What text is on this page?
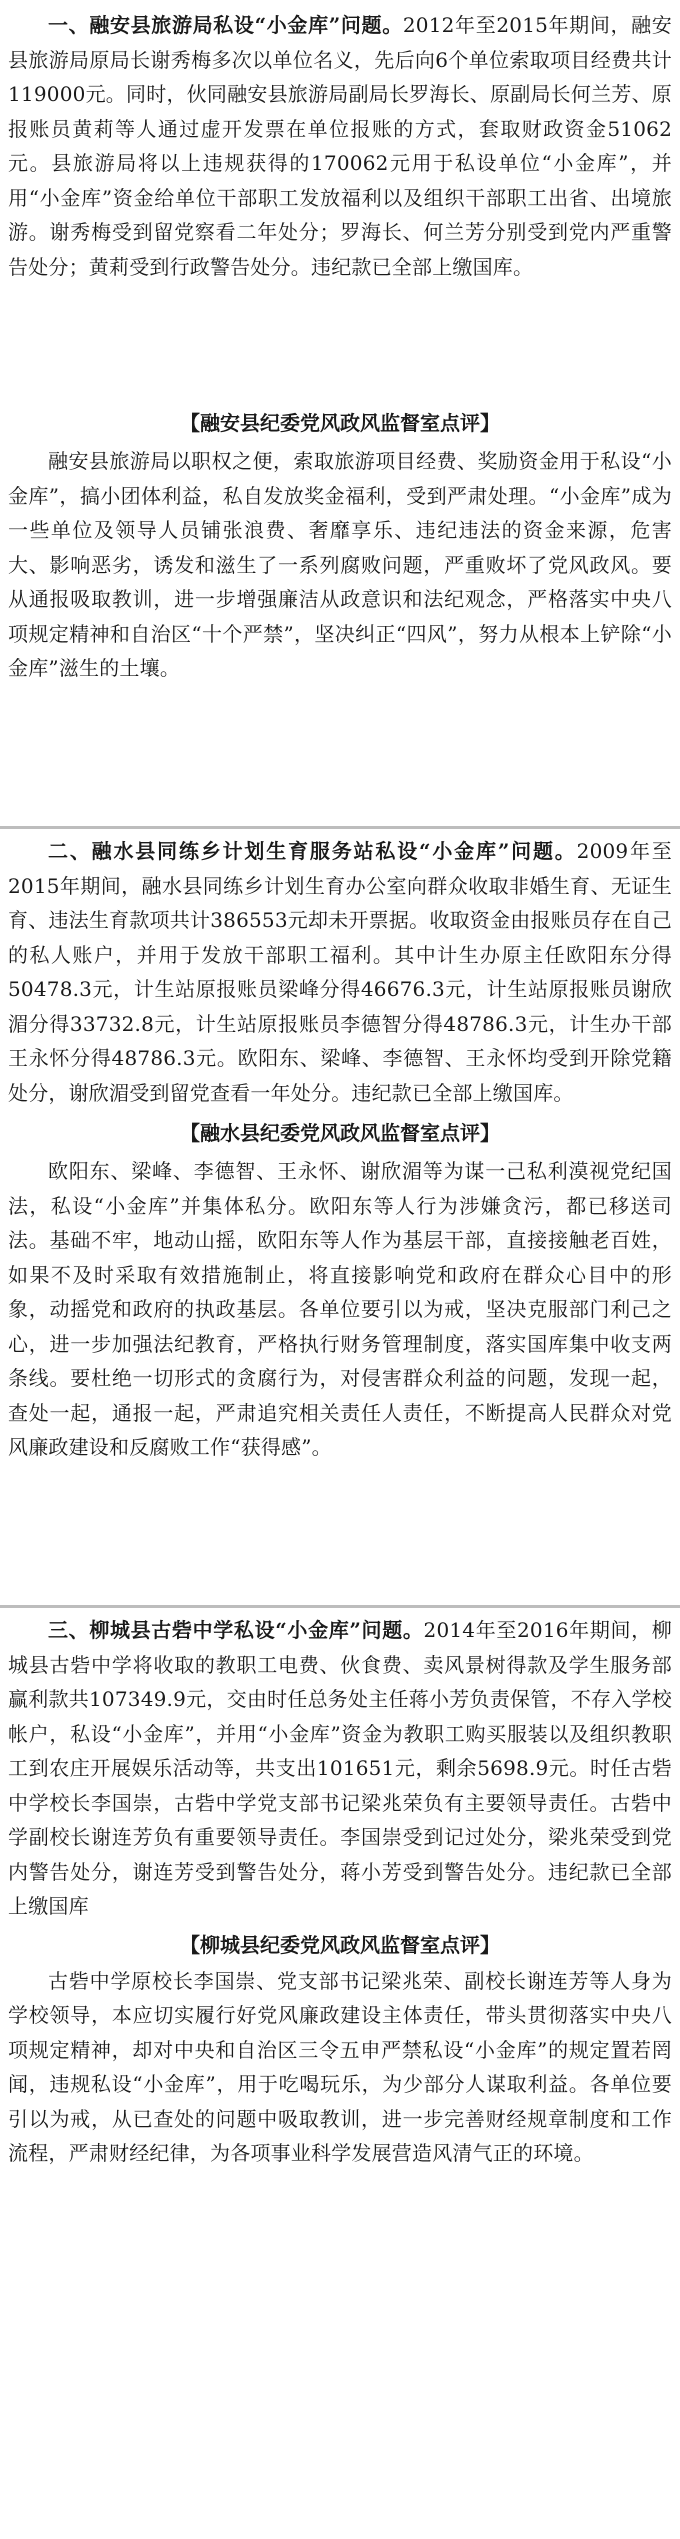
一、融安县旅游局私设“小金库”问题。2012年至2015年期间，融安县旅游局原局长谢秀梅多次以单位名义，先后向6个单位索取项目经费共计119000元。同时，伙同融安县旅游局副局长罗海长、原副局长何兰芳、原报账员黄莉等人通过虚开发票在单位报账的方式，套取财政资金51062元。县旅游局将以上违规获得的170062元用于私设单位“小金库”，并用“小金库”资金给单位干部职工发放福利以及组织干部职工出省、出境旅游。谢秀梅受到留党察看二年处分；罗海长、何兰芳分别受到党内严重警告处分；黄莉受到行政警告处分。违纪款已全部上缴国库。

【融安县纪委党风政风监督室点评】

融安县旅游局以职权之便，索取旅游项目经费、奖励资金用于私设“小金库”，搞小团体利益，私自发放奖金福利，受到严肃处理。“小金库”成为一些单位及领导人员铺张浪费、奢靡享乐、违纪违法的资金来源，危害大、影响恶劣，诱发和滋生了一系列腐败问题，严重败坏了党风政风。要从通报吸取教训，进一步增强廉洁从政意识和法纪观念，严格落实中央八项规定精神和自治区“十个严禁”，坚决纠正“四风”，努力从根本上铲除“小金库”滋生的土壤。

二、融水县同练乡计划生育服务站私设“小金库”问题。2009年至2015年期间，融水县同练乡计划生育办公室向群众收取非婚生育、无证生育、违法生育款项共计386553元却未开票据。收取资金由报账员存在自己的私人账户，并用于发放干部职工福利。其中计生办原主任欧阳东分得50478.3元，计生站原报账员梁峰分得46676.3元，计生站原报账员谢欣湄分得33732.8元，计生站原报账员李德智分得48786.3元，计生办干部王永怀分得48786.3元。欧阳东、梁峰、李德智、王永怀均受到开除党籍处分，谢欣湄受到留党查看一年处分。违纪款已全部上缴国库。

【融水县纪委党风政风监督室点评】

欧阳东、梁峰、李德智、王永怀、谢欣湄等为谋一己私利漠视党纪国法，私设“小金库”并集体私分。欧阳东等人行为涉嫌贪污，都已移送司法。基础不牢，地动山摇，欧阳东等人作为基层干部，直接接触老百姓，如果不及时采取有效措施制止，将直接影响党和政府在群众心目中的形象，动摇党和政府的执政基层。各单位要引以为戒，坚决克服部门利己之心，进一步加强法纪教育，严格执行财务管理制度，落实国库集中收支两条线。要杜绝一切形式的贪腐行为，对侵害群众利益的问题，发现一起，查处一起，通报一起，严肃追究相关责任人责任，不断提高人民群众对党风廉政建设和反腐败工作“获得感”。

三、柳城县古砦中学私设“小金库”问题。2014年至2016年期间，柳城县古砦中学将收取的教职工电费、伙食费、卖风景树得款及学生服务部赢利款共107349.9元，交由时任总务处主任蒋小芳负责保管，不存入学校帐户，私设“小金库”，并用“小金库”资金为教职工购买服装以及组织教职工到农庄开展娱乐活动等，共支出101651元，剩余5698.9元。时任古砦中学校长李国崇，古砦中学党支部书记梁兆荣负有主要领导责任。古砦中学副校长谢连芳负有重要领导责任。李国崇受到记过处分，梁兆荣受到党内警告处分，谢连芳受到警告处分，蒋小芳受到警告处分。违纪款已全部上缴国库

【柳城县纪委党风政风监督室点评】

古砦中学原校长李国崇、党支部书记梁兆荣、副校长谢连芳等人身为学校领导，本应切实履行好党风廉政建设主体责任，带头贯彻落实中央八项规定精神，却对中央和自治区三令五申严禁私设“小金库”的规定置若罔闻，违规私设“小金库”，用于吃喝玩乐，为少部分人谋取利益。各单位要引以为戒，从已查处的问题中吸取教训，进一步完善财经规章制度和工作流程，严肃财经纪律，为各项事业科学发展营造风清气正的环境。
